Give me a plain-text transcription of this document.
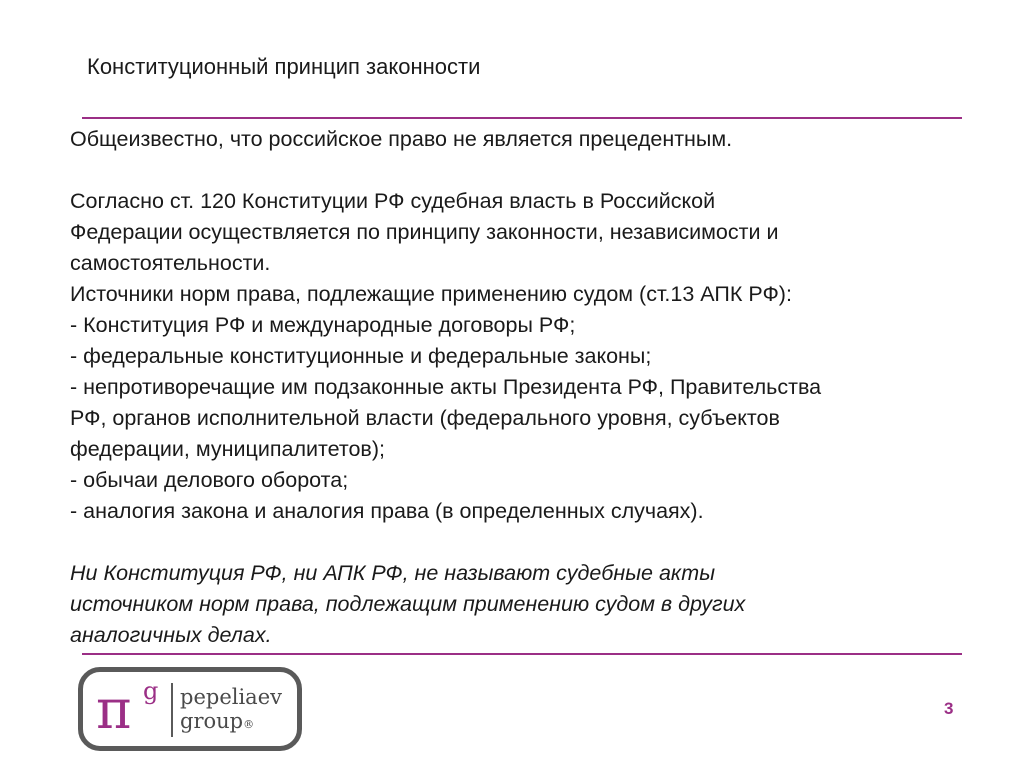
Конституционный принцип законности
Общеизвестно, что российское право не является прецедентным.
Согласно ст. 120 Конституции РФ судебная власть в Российской
Федерации осуществляется по принципу законности, независимости и
самостоятельности.
Источники норм права, подлежащие применению судом (ст.13 АПК РФ):
- Конституция РФ и международные договоры РФ;
- федеральные конституционные и федеральные законы;
- непротиворечащие им подзаконные акты Президента РФ, Правительства
РФ, органов исполнительной власти (федерального уровня, субъектов
федерации, муниципалитетов);
- обычаи делового оборота;
- аналогия закона и аналогия права (в определенных случаях).
Ни Конституция РФ, ни АПК РФ, не называют судебные акты
источником норм права, подлежащим применению судом в других
аналогичных делах.
π g pepeliaev
group®
3
